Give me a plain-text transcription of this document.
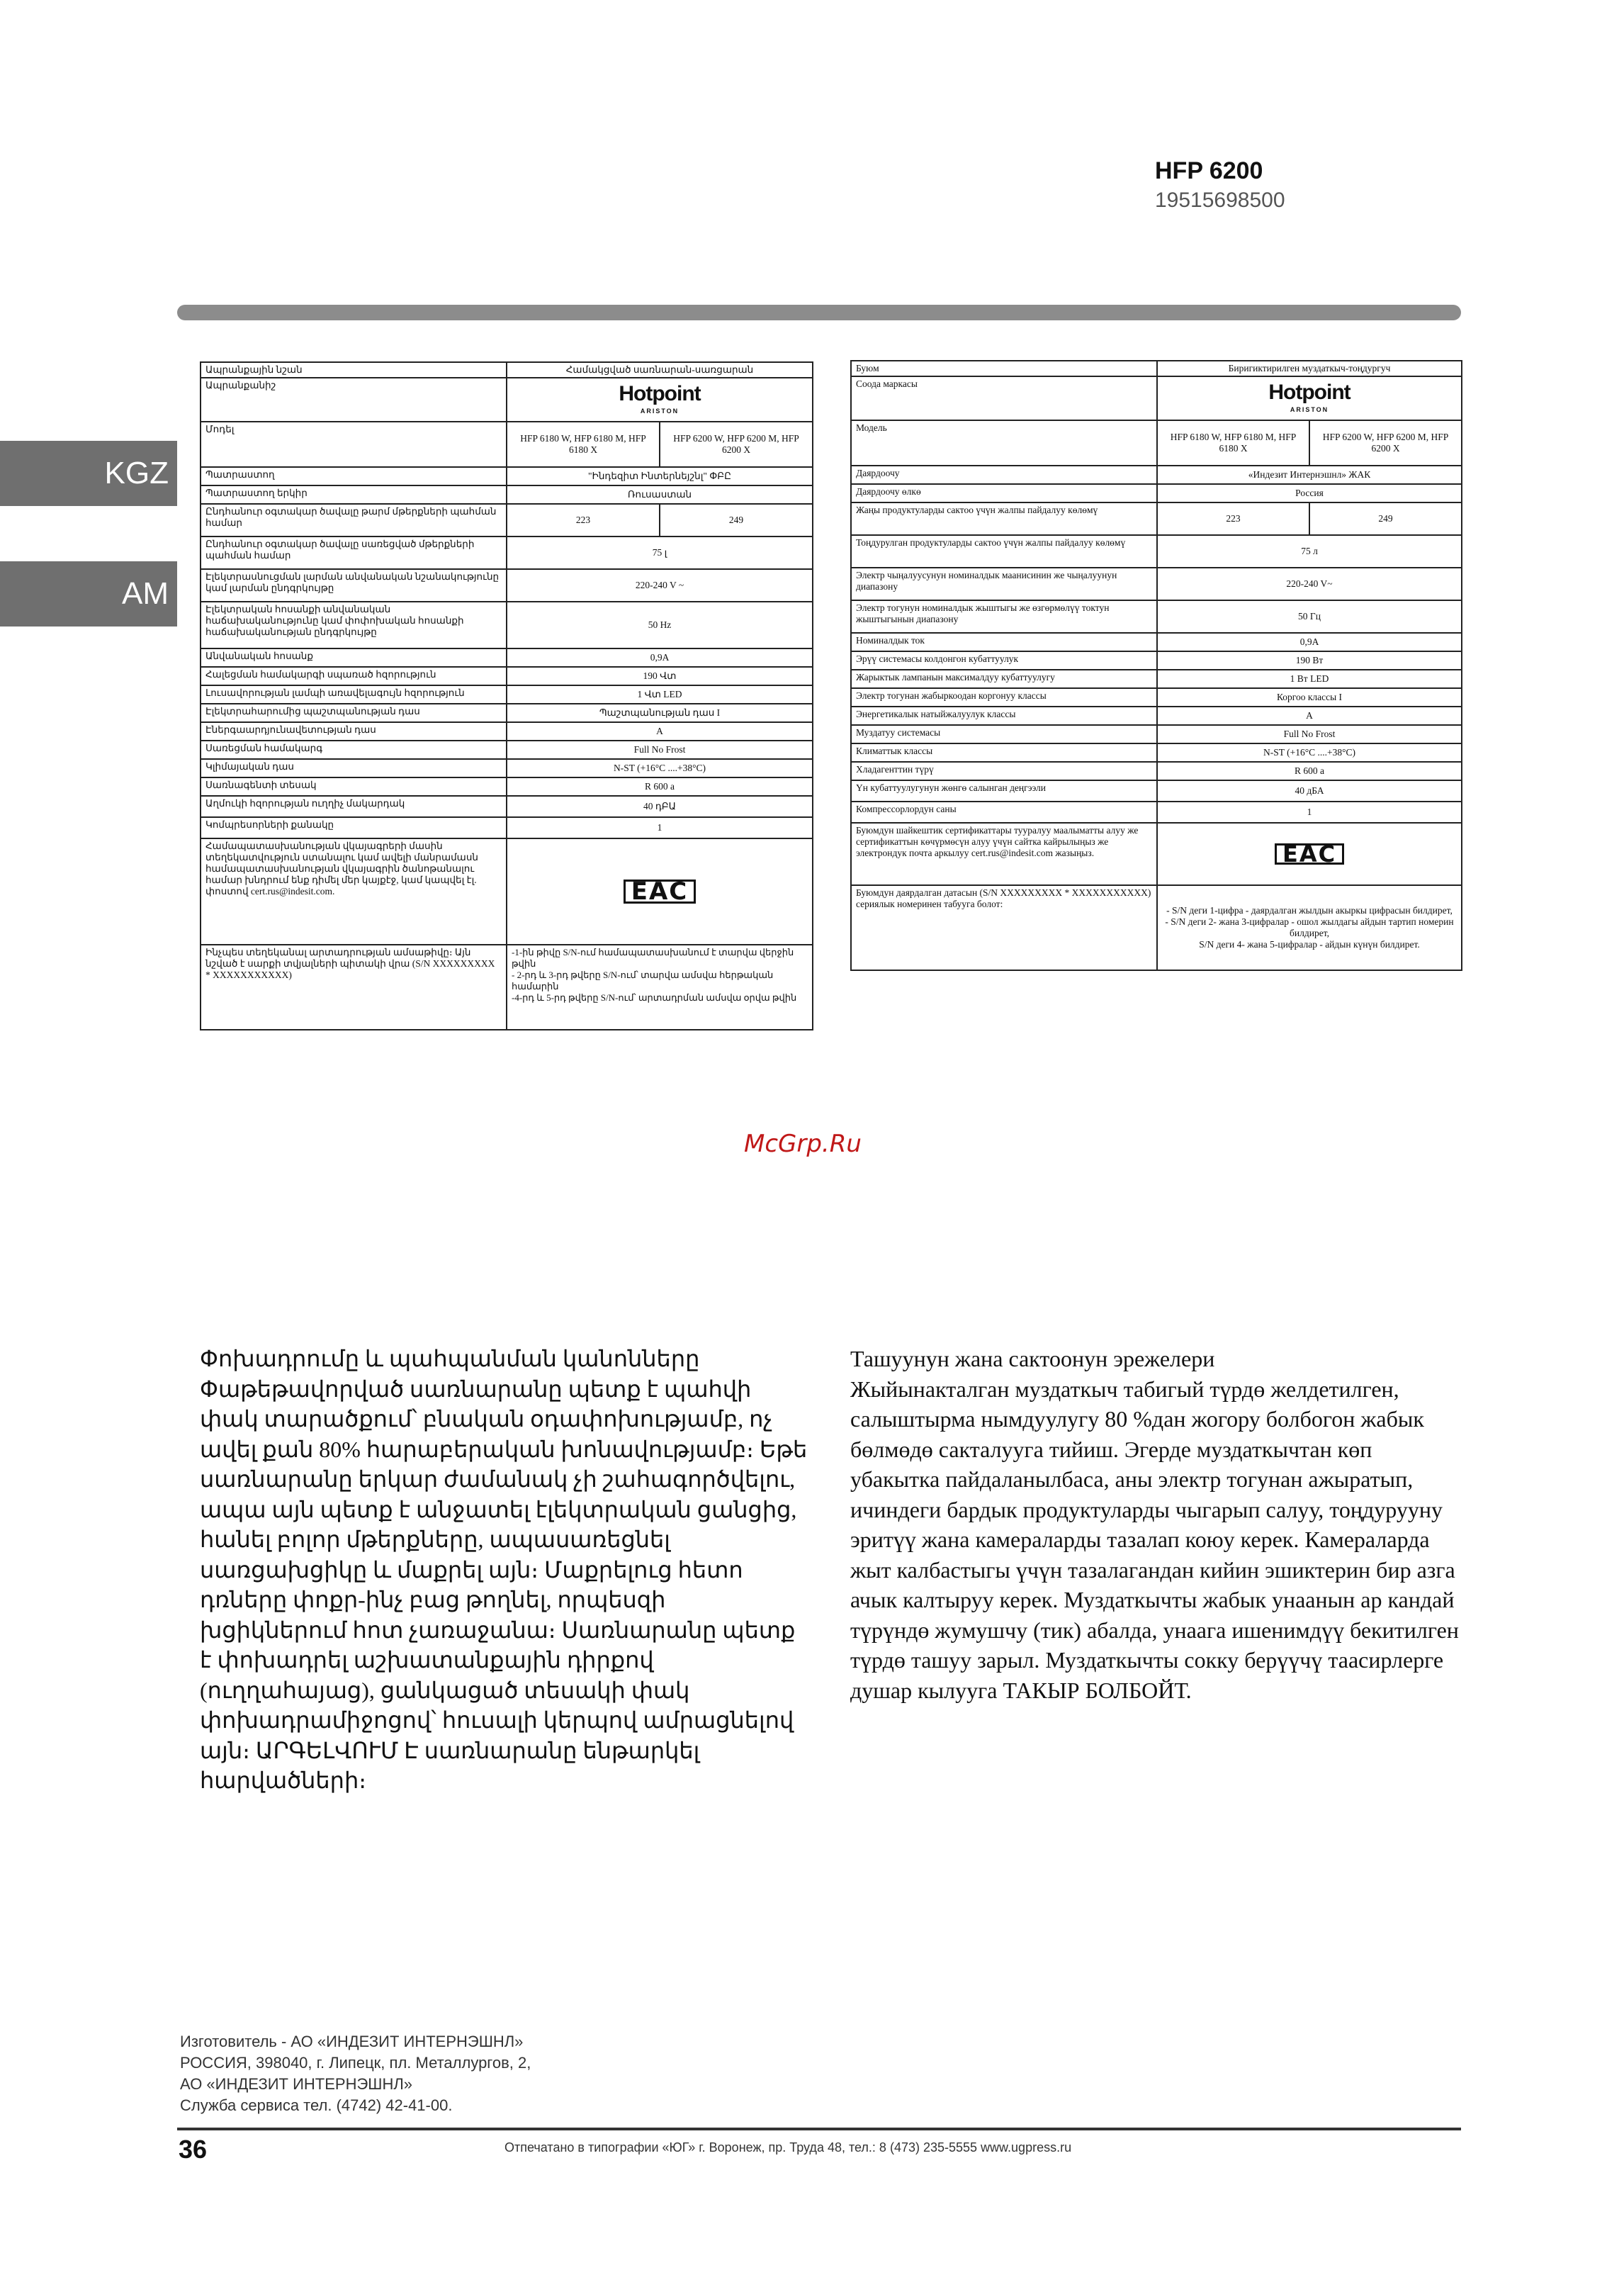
HFP 6200
19515698500
KGZ
AM
Ապրանքային նշան	Համակցված սառնարան-սառցարան	
Ապրանքանիշ	Hotpoint
ARISTON	

Մոդել	HFP 6180 W, HFP 6180 M, HFP 6180 X	HFP 6200 W, HFP 6200 M, HFP 6200 X
Պատրաստող	"Ինդեզիտ Ինտերնեյշնլ" ՓԲԸ	
Պատրաստող երկիր	Ռուսաստան	
Ընդհանուր օգտակար ծավալը թարմ մթերքների պահման համար	223	249
Ընդհանուր օգտակար ծավալը սառեցված մթերքների պահման համար	75 լ	
Էլեկտրասնուցման լարման անվանական նշանակությունը կամ լարման ընդգրկույթը	220-240 V ~	
Էլեկտրական հոսանքի անվանական հաճախականությունը կամ փոփոխական հոսանքի հաճախականության ընդգրկույթը	50 Hz	
Անվանական հոսանք	0,9A	
Հալեցման համակարգի սպառած հզորություն	190 Վտ	
Լուսավորության լամպի առավելագույն հզորություն	1 Վտ LED	
Էլեկտրահարումից պաշտպանության դաս	Պաշտպանության դաս I	
Էներգաարդյունավետության դաս	A	
Սառեցման համակարգ	Full No Frost	
Կլիմայական դաս	N-ST (+16°C ....+38°C)	
Սառնագենտի տեսակ	R 600 a	
Աղմուկի հզորության ուղղիչ մակարդակ	40 դԲԱ	
Կոմպրեսորների քանակը	1	
Համապատասխանության վկայագրերի մասին տեղեկատվություն ստանալու կամ ավելի մանրամասն համապատասխանության վկայագրին ծանոթանալու համար խնդրում ենք դիմել մեր կայքէջ, կամ կապվել էլ. փոստով cert.rus@indesit.com.	EAC	
Ինչպես տեղեկանալ արտադրության ամսաթիվը։ Այն նշված է սարքի տվյալների պիտակի վրա (S/N XXXXXXXXX * XXXXXXXXXXX)	-1-ին թիվը S/N-ում համապատասխանում է տարվա վերջին թվին
- 2-րդ և 3-րդ թվերը S/N-ում՝ տարվա ամսվա հերթական համարին
-4-րդ և 5-րդ թվերը S/N-ում՝ արտադրման ամսվա օրվա թվին	
Буюм	Биригиктирилген муздаткыч-тоңдургуч	
Соода маркасы	Hotpoint
ARISTON	

Модель	HFP 6180 W, HFP 6180 M, HFP 6180 X	HFP 6200 W, HFP 6200 M, HFP 6200 X
Даярдоочу	«Индезит Интернэшнл» ЖАК	
Даярдоочу өлкө	Россия	
Жаңы продуктуларды сактоо үчүн жалпы пайдалуу көлөмү	223	249
Тоңдурулган продуктуларды сактоо үчүн жалпы пайдалуу көлөмү	75 л	
Электр чыңалуусунун номиналдык маанисинин же чыңалуунун диапазону	220-240 V~	
Электр тогунун номиналдык жыштыгы же өзгөрмөлүү токтун жыштыгынын диапазону	50 Гц	
Номиналдык ток	0,9A	
Эрүү системасы колдонгон кубаттуулук	190 Вт	
Жарыктык лампанын максималдуу кубаттуулугу	1 Вт LED	
Электр тогунан жабыркоодан коргонуу классы	Коргоо классы I	
Энергетикалык натыйжалуулук классы	A	
Муздатуу системасы	Full No Frost	
Климаттык классы	N-ST (+16°C ....+38°C)	
Хладагенттин түрү	R 600 a	
Үн кубаттуулугунун жөнгө салынган деңгээли	40 дБА	
Компрессорлордун саны	1	
Буюмдун шайкештик сертификаттары тууралуу маалыматты алуу же сертификаттын көчүрмөсүн алуу үчүн сайтка кайрылыңыз же электрондук почта аркылуу cert.rus@indesit.com жазыңыз.	EAC	
Буюмдун даярдалган датасын (S/N XXXXXXXXX * XXXXXXXXXXX) сериялык номеринен табууга болот:	- S/N деги 1-цифра - даярдалган жылдын акыркы цифрасын билдирет,
- S/N деги 2- жана 3-цифралар - ошол жылдагы айдын тартип номерин билдирет,
S/N деги 4- жана 5-цифралар - айдын күнүн билдирет.	
McGrp.Ru
Փոխադրումը և պահպանման կանոնները
Փաթեթավորված սառնարանը պետք է պահվի փակ տարածքում՝ բնական օդափոխությամբ, ոչ ավել քան 80% հարաբերական խոնավությամբ։ Եթե սառնարանը երկար ժամանակ չի շահագործվելու, ապա այն պետք է անջատել էլեկտրական ցանցից, հանել բոլոր մթերքները, ապասառեցնել սառցախցիկը և մաքրել այն։ Մաքրելուց հետո դռները փոքր-ինչ բաց թողնել, որպեսզի խցիկներում հոտ չառաջանա։ Սառնարանը պետք է փոխադրել աշխատանքային դիրքով (ուղղահայաց), ցանկացած տեսակի փակ փոխադրամիջոցով՝ հուսալի կերպով ամրացնելով այն։ ԱՐԳԵԼՎՈՒՄ Է սառնարանը ենթարկել հարվածների։
Ташуунун жана сактоонун эрежелери
Жыйынакталган муздаткыч табигый түрдө желдетилген, салыштырма нымдуулугу 80 %дан жогору болбогон жабык бөлмөдө сакталууга тийиш. Эгерде муздаткычтан көп убакытка пайдаланылбаса, аны электр тогунан ажыратып, ичиндеги бардык продуктуларды чыгарып салуу, тоңдурууну эритүү жана камераларды тазалап коюу керек. Камераларда жыт калбастыгы үчүн тазалагандан кийин эшиктерин бир азга ачык калтыруу керек. Муздаткычты жабык унаанын ар кандай түрүндө жумушчу (тик) абалда, унаага ишенимдүү бекитилген түрдө ташуу зарыл. Муздаткычты сокку берүүчү таасирлерге душар кылууга ТАКЫР БОЛБОЙТ.
Изготовитель - АО «ИНДЕЗИТ ИНТЕРНЭШНЛ»
РОССИЯ, 398040, г. Липецк, пл. Металлургов, 2,
АО «ИНДЕЗИТ ИНТЕРНЭШНЛ»
Служба сервиса тел. (4742) 42-41-00.
36	Отпечатано в типографии «ЮГ» г. Воронеж, пр. Труда 48, тел.: 8 (473) 235-5555 www.ugpress.ru
